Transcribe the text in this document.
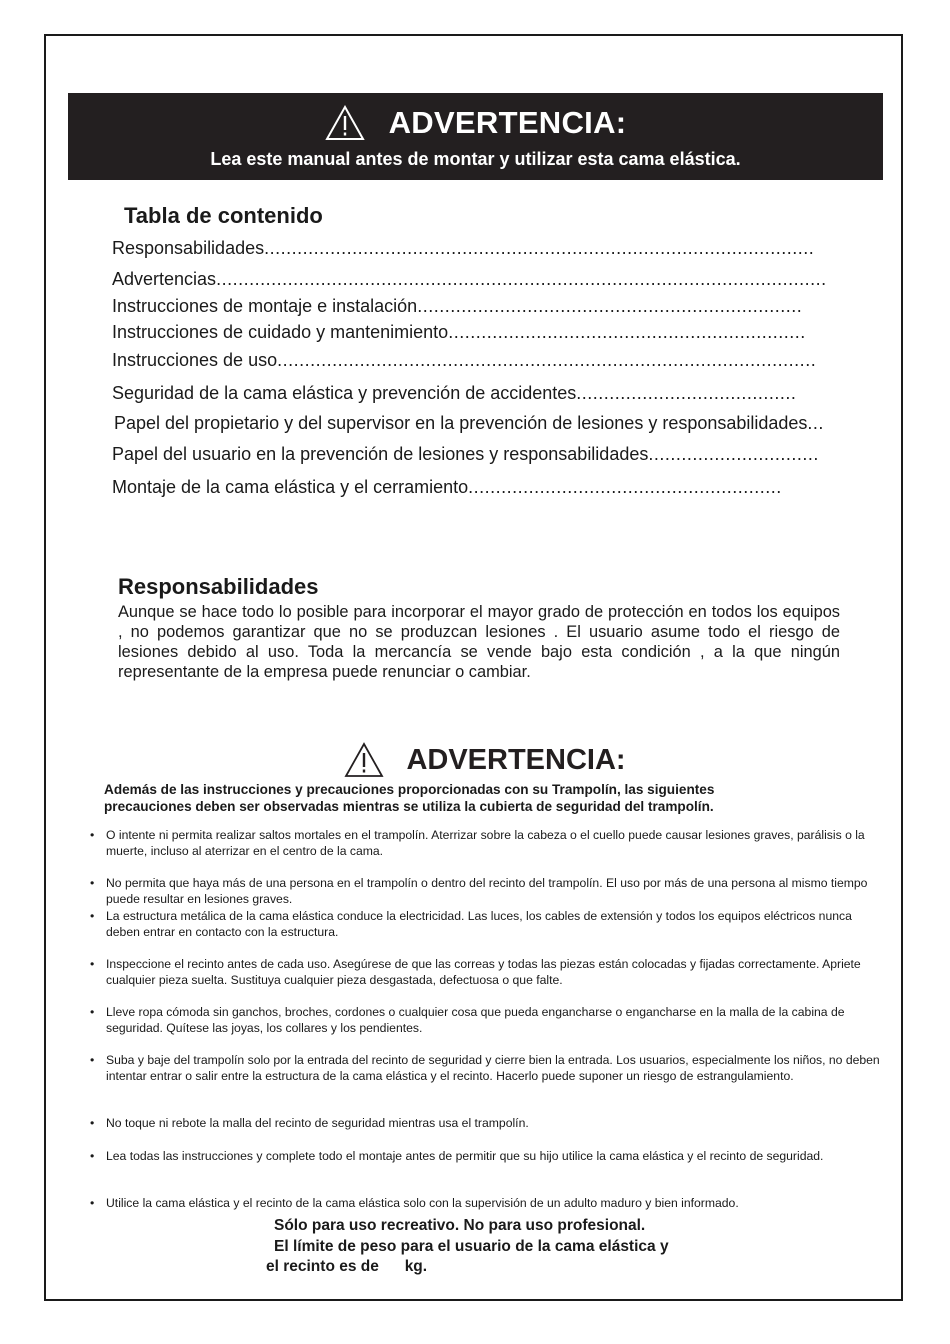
ADVERTENCIA:
Lea este manual antes de montar y utilizar esta cama elástica.
Tabla de contenido
Responsabilidades ....................................................................................................
Advertencias ...............................................................................................................
Instrucciones de montaje e instalación ......................................................................
Instrucciones de cuidado y mantenimiento .................................................................
Instrucciones de uso ..................................................................................................
Seguridad de la cama elástica y prevención de accidentes ........................................
Papel del propietario y del supervisor en la prevención de lesiones y responsabilidades ...
Papel del usuario en la prevención de lesiones y responsabilidades ...............................
Montaje de la cama elástica y el cerramiento .........................................................
Responsabilidades
Aunque se hace todo lo posible para incorporar el mayor grado de protección en todos los equipos , no podemos garantizar que no se produzcan lesiones . El usuario asume todo el riesgo de lesiones debido al uso. Toda la mercancía se vende bajo esta condición , a la que ningún representante de la empresa puede renunciar o cambiar.
ADVERTENCIA:
Además de las instrucciones y precauciones proporcionadas con su Trampolín, las siguientes
precauciones deben ser observadas mientras se utiliza la cubierta de seguridad del trampolín.
• O intente ni permita realizar saltos mortales en el trampolín. Aterrizar sobre la cabeza o el cuello puede causar lesiones graves, parálisis o la muerte, incluso al aterrizar en el centro de la cama.
• No permita que haya más de una persona en el trampolín o dentro del recinto del trampolín. El uso por más de una persona al mismo tiempo puede resultar en lesiones graves.
• La estructura metálica de la cama elástica conduce la electricidad. Las luces, los cables de extensión y todos los equipos eléctricos nunca deben entrar en contacto con la estructura.
• Inspeccione el recinto antes de cada uso. Asegúrese de que las correas y todas las piezas están colocadas y fijadas correctamente. Apriete cualquier pieza suelta. Sustituya cualquier pieza desgastada, defectuosa o que falte.
• Lleve ropa cómoda sin ganchos, broches, cordones o cualquier cosa que pueda engancharse o engancharse en la malla de la cabina de seguridad. Quítese las joyas, los collares y los pendientes.
• Suba y baje del trampolín solo por la entrada del recinto de seguridad y cierre bien la entrada. Los usuarios, especialmente los niños, no deben intentar entrar o salir entre la estructura de la cama elástica y el recinto. Hacerlo puede suponer un riesgo de estrangulamiento.
• No toque ni rebote la malla del recinto de seguridad mientras usa el trampolín.
• Lea todas las instrucciones y complete todo el montaje antes de permitir que su hijo utilice la cama elástica y el recinto de seguridad.
• Utilice la cama elástica y el recinto de la cama elástica solo con la supervisión de un adulto maduro y bien informado.
Sólo para uso recreativo. No para uso profesional.
El límite de peso para el usuario de la cama elástica y
el recinto es de      kg.
